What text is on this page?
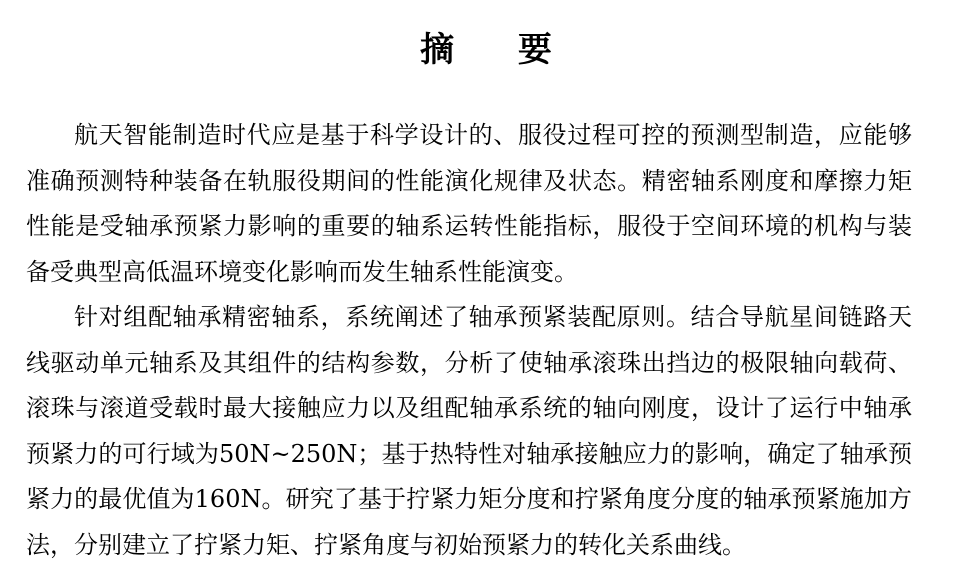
摘 要

航天智能制造时代应是基于科学设计的、服役过程可控的预测型制造，应能够准确预测特种装备在轨服役期间的性能演化规律及状态。精密轴系刚度和摩擦力矩性能是受轴承预紧力影响的重要的轴系运转性能指标，服役于空间环境的机构与装备受典型高低温环境变化影响而发生轴系性能演变。

针对组配轴承精密轴系，系统阐述了轴承预紧装配原则。结合导航星间链路天线驱动单元轴系及其组件的结构参数，分析了使轴承滚珠出挡边的极限轴向载荷、滚珠与滚道受载时最大接触应力以及组配轴承系统的轴向刚度，设计了运行中轴承预紧力的可行域为50N~250N；基于热特性对轴承接触应力的影响，确定了轴承预紧力的最优值为160N。研究了基于拧紧力矩分度和拧紧角度分度的轴承预紧施加方法，分别建立了拧紧力矩、拧紧角度与初始预紧力的转化关系曲线。
